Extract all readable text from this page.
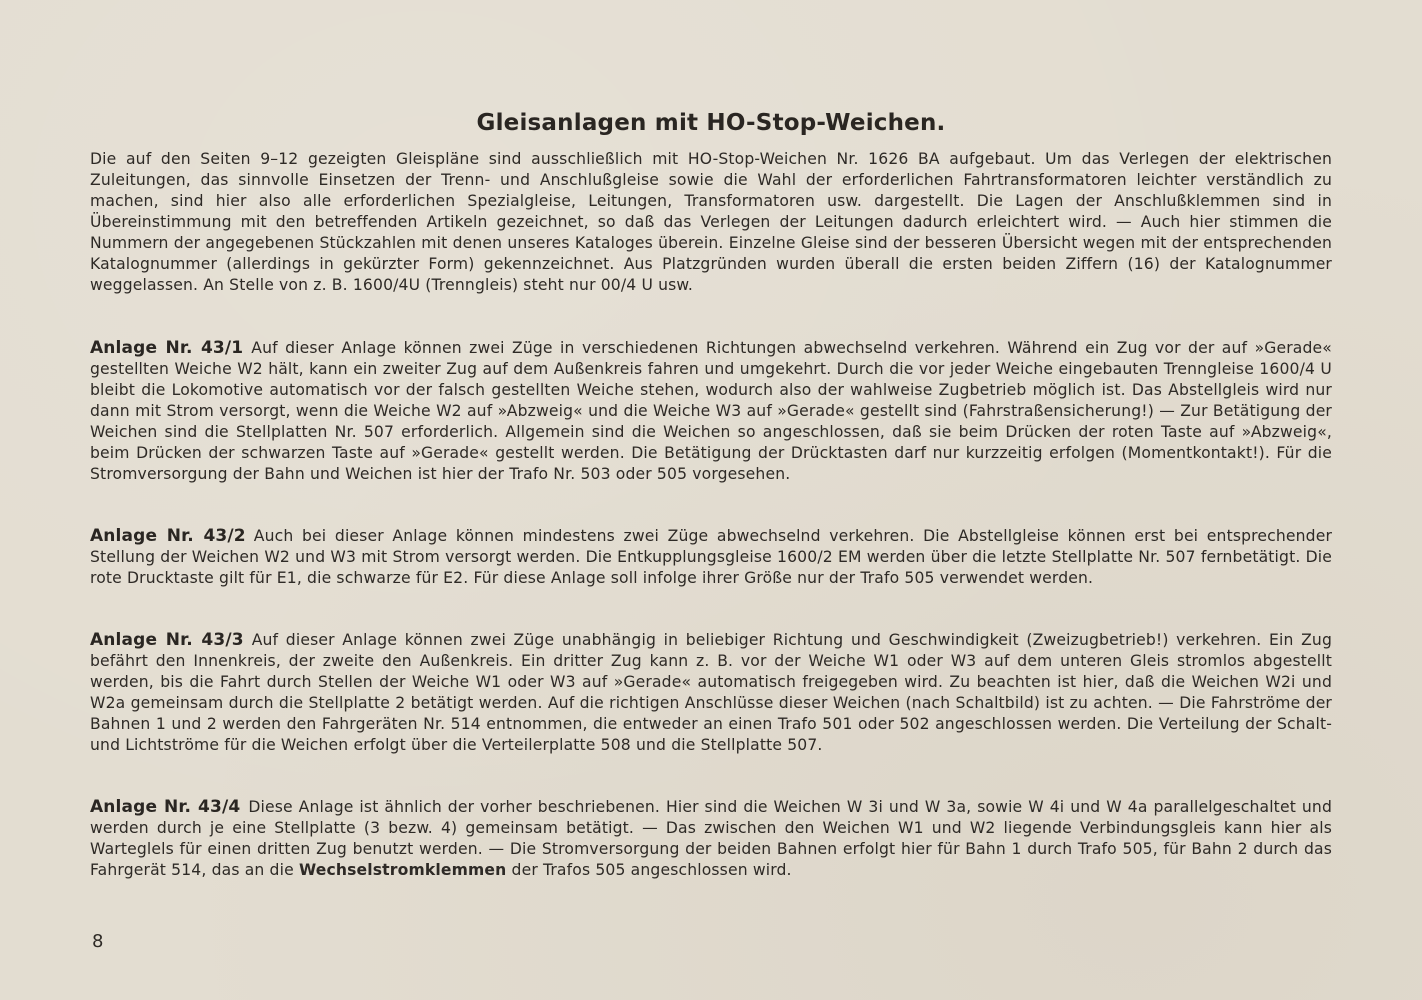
Gleisanlagen mit HO-Stop-Weichen.
Die auf den Seiten 9–12 gezeigten Gleispläne sind ausschließlich mit HO-Stop-Weichen Nr. 1626 BA aufgebaut. Um das Verlegen der elektrischen Zuleitungen, das sinnvolle Einsetzen der Trenn- und Anschlußgleise sowie die Wahl der erforderlichen Fahrtransformatoren leichter verständlich zu machen, sind hier also alle erforderlichen Spezialgleise, Leitungen, Transformatoren usw. dargestellt. Die Lagen der Anschlußklemmen sind in Übereinstimmung mit den betreffenden Artikeln gezeichnet, so daß das Verlegen der Leitungen dadurch erleichtert wird. — Auch hier stimmen die Nummern der angegebenen Stückzahlen mit denen unseres Kataloges überein. Einzelne Gleise sind der besseren Übersicht wegen mit der entsprechenden Katalognummer (allerdings in gekürzter Form) gekennzeichnet. Aus Platzgründen wurden überall die ersten beiden Ziffern (16) der Katalognummer weggelassen. An Stelle von z. B. 1600/4U (Trenngleis) steht nur 00/4 U usw.
Anlage Nr. 43/1 Auf dieser Anlage können zwei Züge in verschiedenen Richtungen abwechselnd verkehren. Während ein Zug vor der auf »Gerade« gestellten Weiche W2 hält, kann ein zweiter Zug auf dem Außenkreis fahren und umgekehrt. Durch die vor jeder Weiche eingebauten Trenngleise 1600/4 U bleibt die Lokomotive automatisch vor der falsch gestellten Weiche stehen, wodurch also der wahlweise Zugbetrieb möglich ist. Das Abstellgleis wird nur dann mit Strom versorgt, wenn die Weiche W2 auf »Abzweig« und die Weiche W3 auf »Gerade« gestellt sind (Fahrstraßensicherung!) — Zur Betätigung der Weichen sind die Stellplatten Nr. 507 erforderlich. Allgemein sind die Weichen so angeschlossen, daß sie beim Drücken der roten Taste auf »Abzweig«, beim Drücken der schwarzen Taste auf »Gerade« gestellt werden. Die Betätigung der Drücktasten darf nur kurzzeitig erfolgen (Momentkontakt!). Für die Stromversorgung der Bahn und Weichen ist hier der Trafo Nr. 503 oder 505 vorgesehen.
Anlage Nr. 43/2 Auch bei dieser Anlage können mindestens zwei Züge abwechselnd verkehren. Die Abstellgleise können erst bei entsprechender Stellung der Weichen W2 und W3 mit Strom versorgt werden. Die Entkupplungsgleise 1600/2 EM werden über die letzte Stellplatte Nr. 507 fernbetätigt. Die rote Drucktaste gilt für E1, die schwarze für E2. Für diese Anlage soll infolge ihrer Größe nur der Trafo 505 verwendet werden.
Anlage Nr. 43/3 Auf dieser Anlage können zwei Züge unabhängig in beliebiger Richtung und Geschwindigkeit (Zweizugbetrieb!) verkehren. Ein Zug befährt den Innenkreis, der zweite den Außenkreis. Ein dritter Zug kann z. B. vor der Weiche W1 oder W3 auf dem unteren Gleis stromlos abgestellt werden, bis die Fahrt durch Stellen der Weiche W1 oder W3 auf »Gerade« automatisch freigegeben wird. Zu beachten ist hier, daß die Weichen W2i und W2a gemeinsam durch die Stellplatte 2 betätigt werden. Auf die richtigen Anschlüsse dieser Weichen (nach Schaltbild) ist zu achten. — Die Fahrströme der Bahnen 1 und 2 werden den Fahrgeräten Nr. 514 entnommen, die entweder an einen Trafo 501 oder 502 angeschlossen werden. Die Verteilung der Schalt- und Lichtströme für die Weichen erfolgt über die Verteilerplatte 508 und die Stellplatte 507.
Anlage Nr. 43/4 Diese Anlage ist ähnlich der vorher beschriebenen. Hier sind die Weichen W 3i und W 3a, sowie W 4i und W 4a parallelgeschaltet und werden durch je eine Stellplatte (3 bezw. 4) gemeinsam betätigt. — Das zwischen den Weichen W1 und W2 liegende Verbindungsgleis kann hier als Warteglels für einen dritten Zug benutzt werden. — Die Stromversorgung der beiden Bahnen erfolgt hier für Bahn 1 durch Trafo 505, für Bahn 2 durch das Fahrgerät 514, das an die Wechselstromklemmen der Trafos 505 angeschlossen wird.
8
